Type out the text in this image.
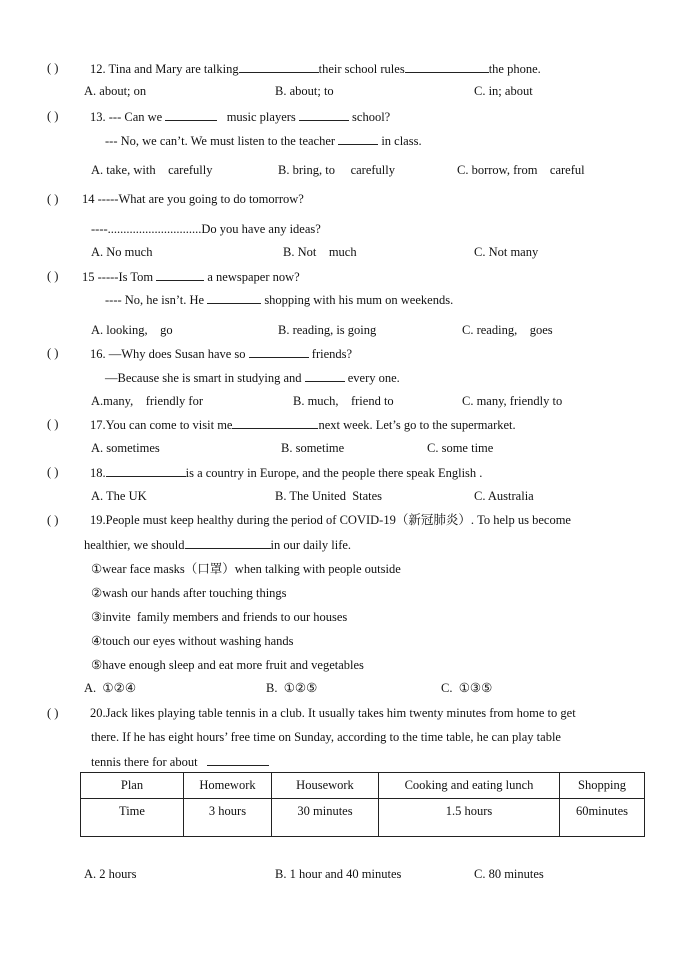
( )	12. Tina and Mary are talking	their school rules	the phone.
A. about; on	B. about; to	C. in; about
( )	13. --- Can we	music players	school?
--- No, we can’t. We must listen to the teacher	in class.
A. take, with    carefully	B. bring, to     carefully	C. borrow, from    careful
( ) 14 -----What are you going to do tomorrow?
----..............................Do you have any ideas?
A. No much	B. Not    much	C. Not many
( ) 15 -----Is Tom	a newspaper now?
---- No, he isn’t. He	shopping with his mum on weekends.
A. looking,    go	B. reading, is going	C. reading,    goes
( )	16. —Why does Susan have so	friends?
—Because she is smart in studying and	every one.
A.many,    friendly for	B. much,    friend to	C. many, friendly to
( )	17.You can come to visit me	next week. Let’s go to the supermarket.
A. sometimes	B. sometime	C. some time
( )	18.	is a country in Europe, and the people there speak English .
A. The UK	B. The United  States	C. Australia
( )	19.People must keep healthy during the period of COVID-19（新冠肺炎）. To help us become
healthier, we should	in our daily life.
①wear face masks（口罩）when talking with people outside
②wash our hands after touching things
③invite  family members and friends to our houses
④touch our eyes without washing hands
⑤have enough sleep and eat more fruit and vegetables
A.  ①②④	B.  ①②⑤	C.  ①③⑤
( )	20.Jack likes playing table tennis in a club. It usually takes him twenty minutes from home to get
there. If he has eight hours’ free time on Sunday, according to the time table, he can play table
tennis there for about
Plan	Homework	Housework	Cooking and eating lunch	Shopping
Time	3 hours	30 minutes	1.5 hours	60minutes
A. 2 hours	B. 1 hour and 40 minutes	C. 80 minutes
